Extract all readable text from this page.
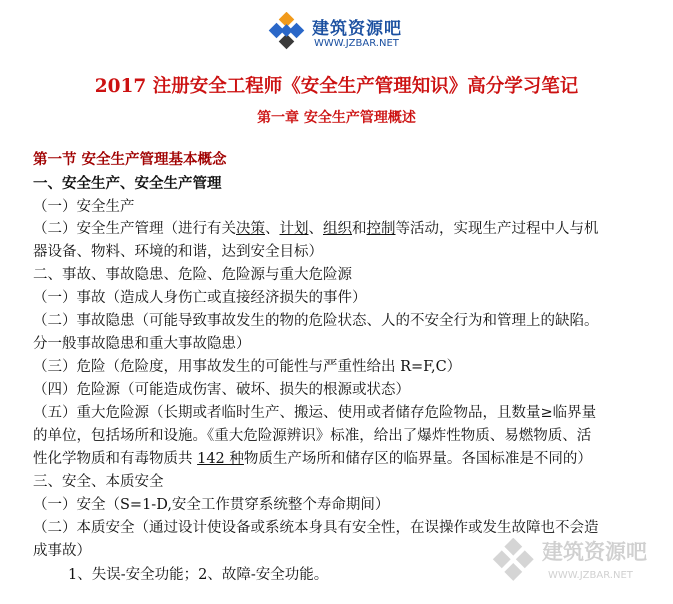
建筑资源吧
WWW.JZBAR.NET
2017 注册安全工程师《安全生产管理知识》高分学习笔记
第一章 安全生产管理概述
第一节 安全生产管理基本概念
一、安全生产、安全生产管理
（一）安全生产
（二）安全生产管理（进行有关决策、计划、组织和控制等活动，实现生产过程中人与机
器设备、物料、环境的和谐，达到安全目标）
二、事故、事故隐患、危险、危险源与重大危险源
（一）事故（造成人身伤亡或直接经济损失的事件）
（二）事故隐患（可能导致事故发生的物的危险状态、人的不安全行为和管理上的缺陷。
分一般事故隐患和重大事故隐患）
（三）危险（危险度，用事故发生的可能性与严重性给出 R=F,C）
（四）危险源（可能造成伤害、破坏、损失的根源或状态）
（五）重大危险源（长期或者临时生产、搬运、使用或者储存危险物品，且数量≥临界量
的单位，包括场所和设施。《重大危险源辨识》标准，给出了爆炸性物质、易燃物质、活
性化学物质和有毒物质共 142 种物质生产场所和储存区的临界量。各国标准是不同的）
三、安全、本质安全
（一）安全（S=1-D,安全工作贯穿系统整个寿命期间）
（二）本质安全（通过设计使设备或系统本身具有安全性，在误操作或发生故障也不会造
成事故）
1、失误-安全功能；2、故障-安全功能。
建筑资源吧
WWW.JZBAR.NET
